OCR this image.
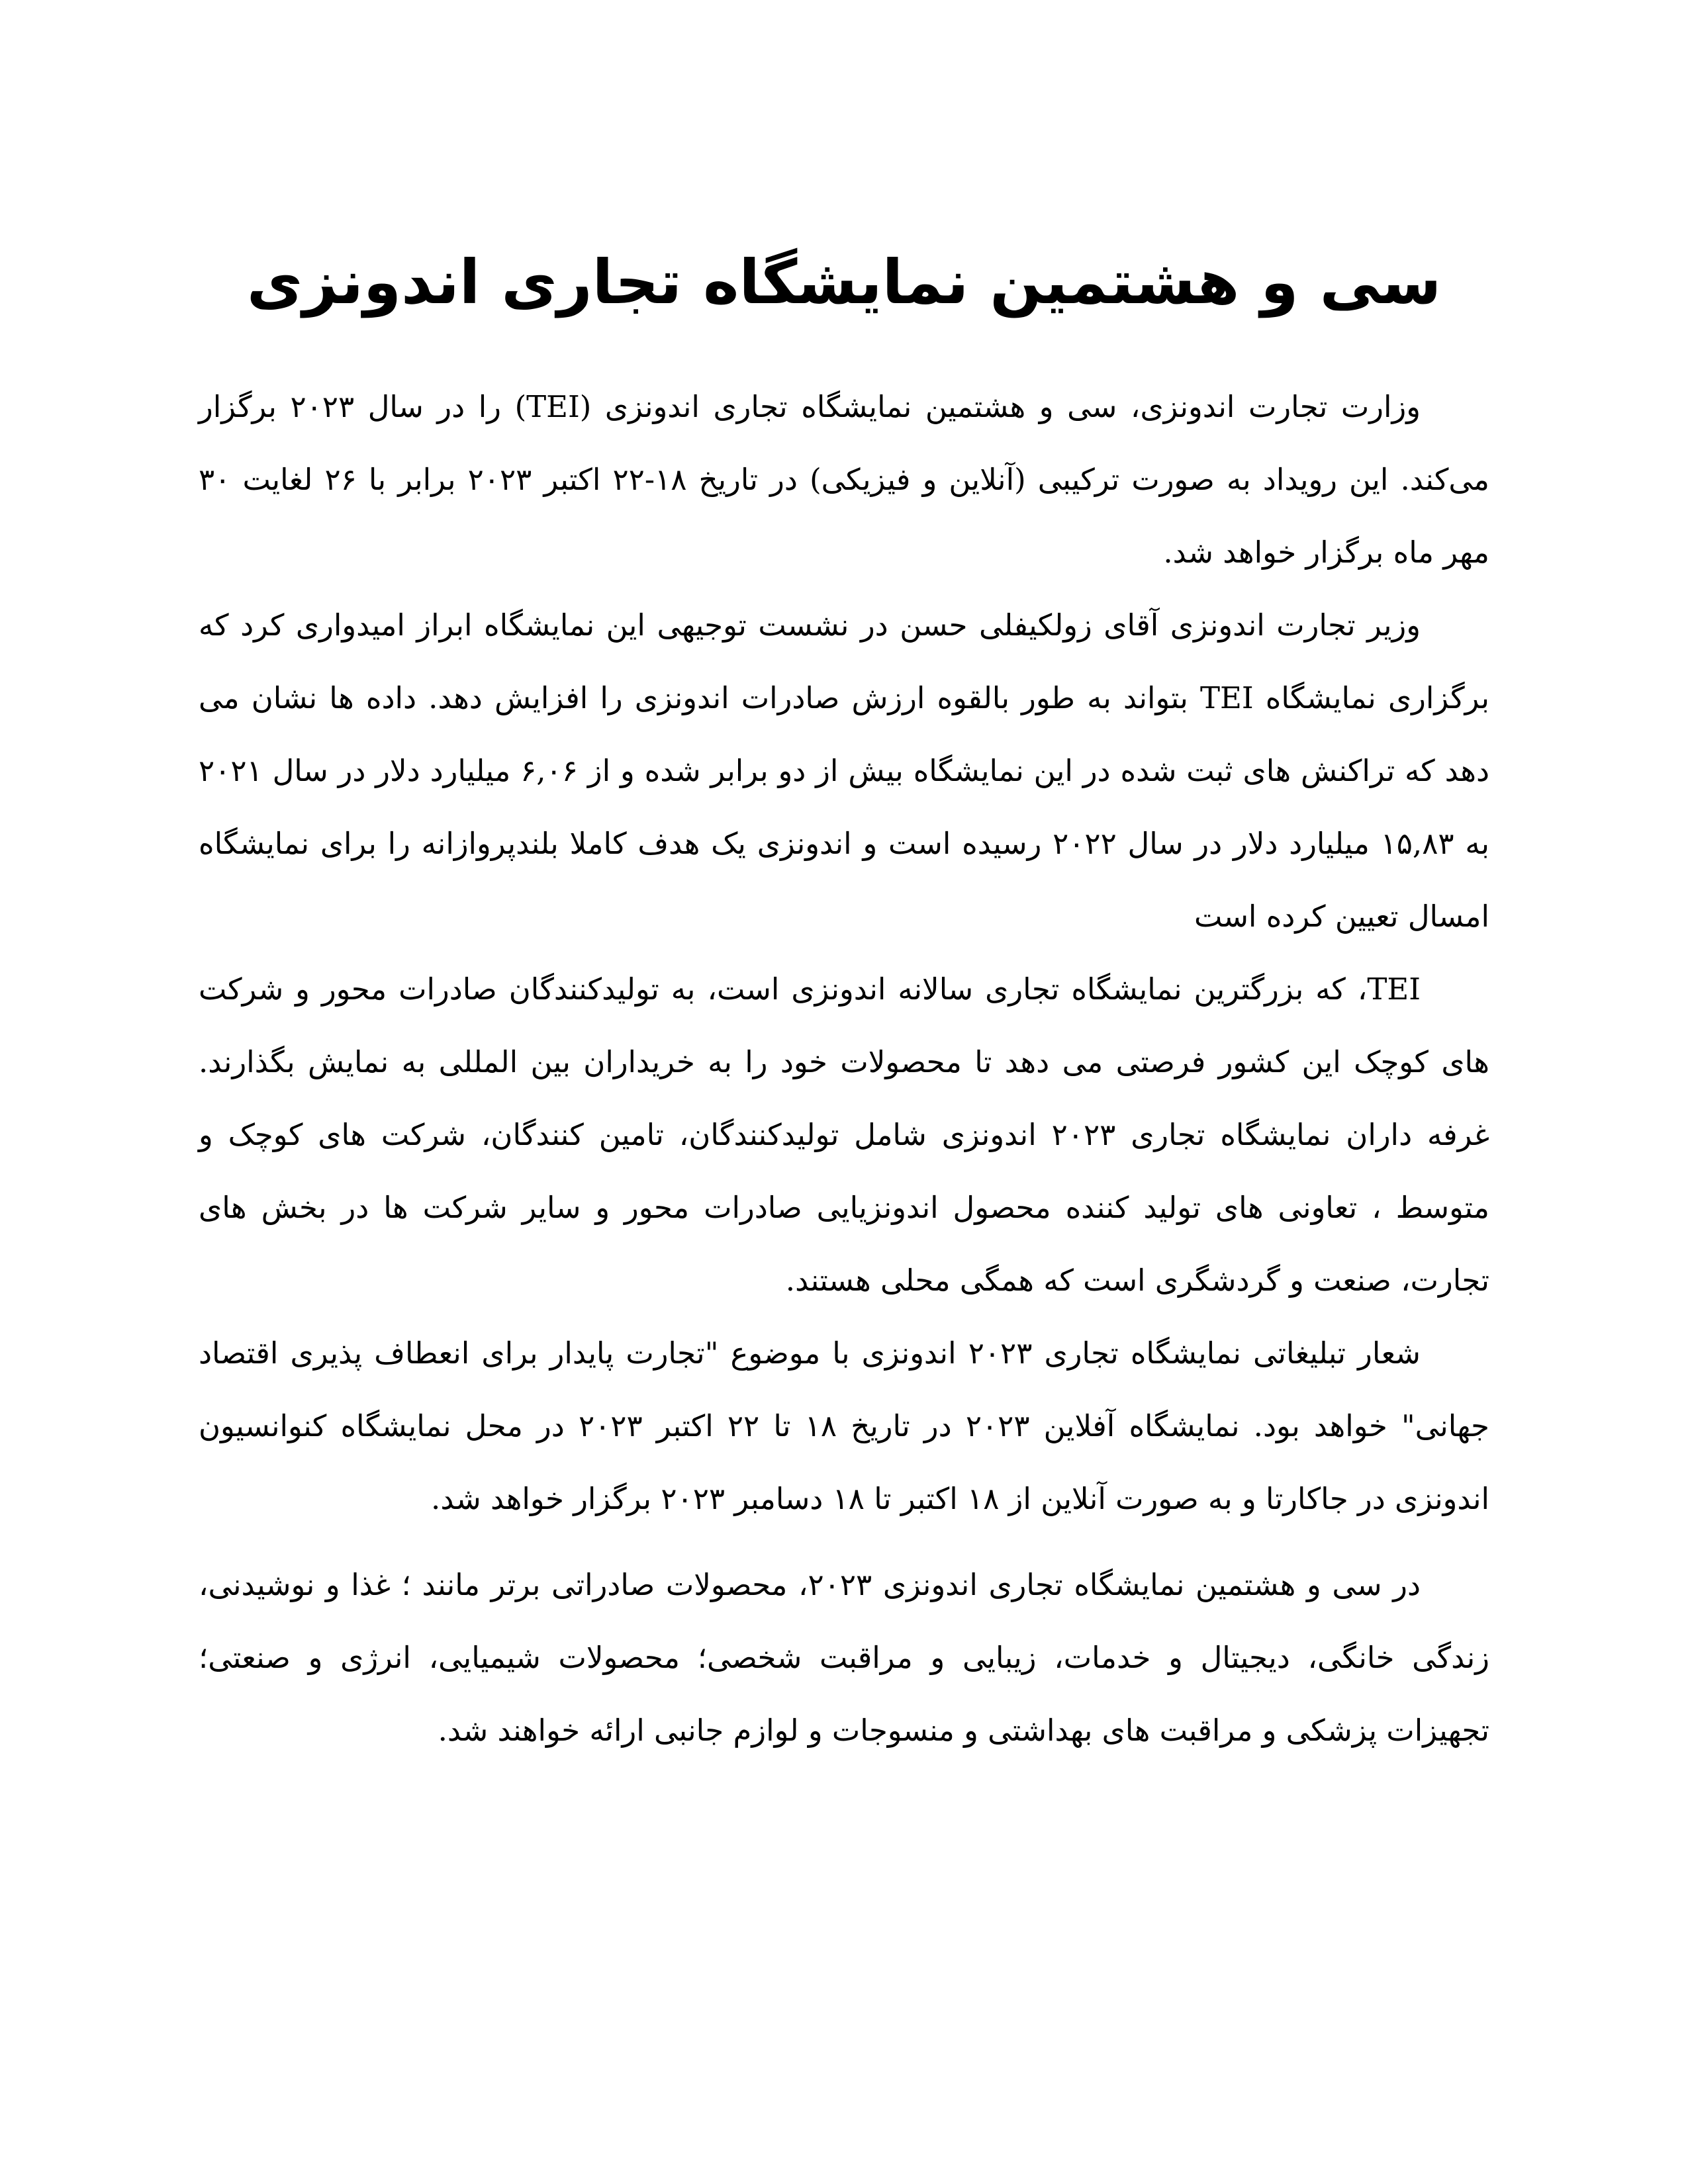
سی و هشتمین نمایشگاه تجاری اندونزی

وزارت تجارت اندونزی، سی و هشتمین نمایشگاه تجاری اندونزی (TEI) را در سال ۲۰۲۳ برگزار می‌کند. این رویداد به صورت ترکیبی (آنلاین و فیزیکی) در تاریخ ۱۸-۲۲ اکتبر ۲۰۲۳ برابر با ۲۶ لغایت ۳۰ مهر ماه برگزار خواهد شد.

وزیر تجارت اندونزی آقای زولکیفلی حسن در نشست توجیهی این نمایشگاه ابراز امیدواری کرد که برگزاری نمایشگاه TEI بتواند به طور بالقوه ارزش صادرات اندونزی را افزایش دهد. داده ها نشان می دهد که تراکنش های ثبت شده در این نمایشگاه بیش از دو برابر شده و از ۶,۰۶ میلیارد دلار در سال ۲۰۲۱ به ۱۵,۸۳ میلیارد دلار در سال ۲۰۲۲ رسیده است و اندونزی یک هدف کاملا بلندپروازانه را برای نمایشگاه امسال تعیین کرده است

TEI، که بزرگترین نمایشگاه تجاری سالانه اندونزی است، به تولیدکنندگان صادرات محور و شرکت های کوچک این کشور فرصتی می دهد تا محصولات خود را به خریداران بین المللی به نمایش بگذارند. غرفه داران نمایشگاه تجاری ۲۰۲۳ اندونزی شامل تولیدکنندگان، تامین کنندگان، شرکت های کوچک و متوسط ، تعاونی های تولید کننده محصول اندونزیایی صادرات محور و سایر شرکت ها در بخش های تجارت، صنعت و گردشگری است که همگی محلی هستند.

شعار تبلیغاتی نمایشگاه تجاری ۲۰۲۳ اندونزی با موضوع "تجارت پایدار برای انعطاف پذیری اقتصاد جهانی" خواهد بود. نمایشگاه آفلاین ۲۰۲۳ در تاریخ ۱۸ تا ۲۲ اکتبر ۲۰۲۳ در محل نمایشگاه کنوانسیون اندونزی در جاکارتا و به صورت آنلاین از ۱۸ اکتبر تا ۱۸ دسامبر ۲۰۲۳ برگزار خواهد شد.

در سی و هشتمین نمایشگاه تجاری اندونزی ۲۰۲۳، محصولات صادراتی برتر مانند ؛ غذا و نوشیدنی، زندگی خانگی، دیجیتال و خدمات، زیبایی و مراقبت شخصی؛ محصولات شیمیایی، انرژی و صنعتی؛ تجهیزات پزشکی و مراقبت های بهداشتی و منسوجات و لوازم جانبی ارائه خواهند شد.
